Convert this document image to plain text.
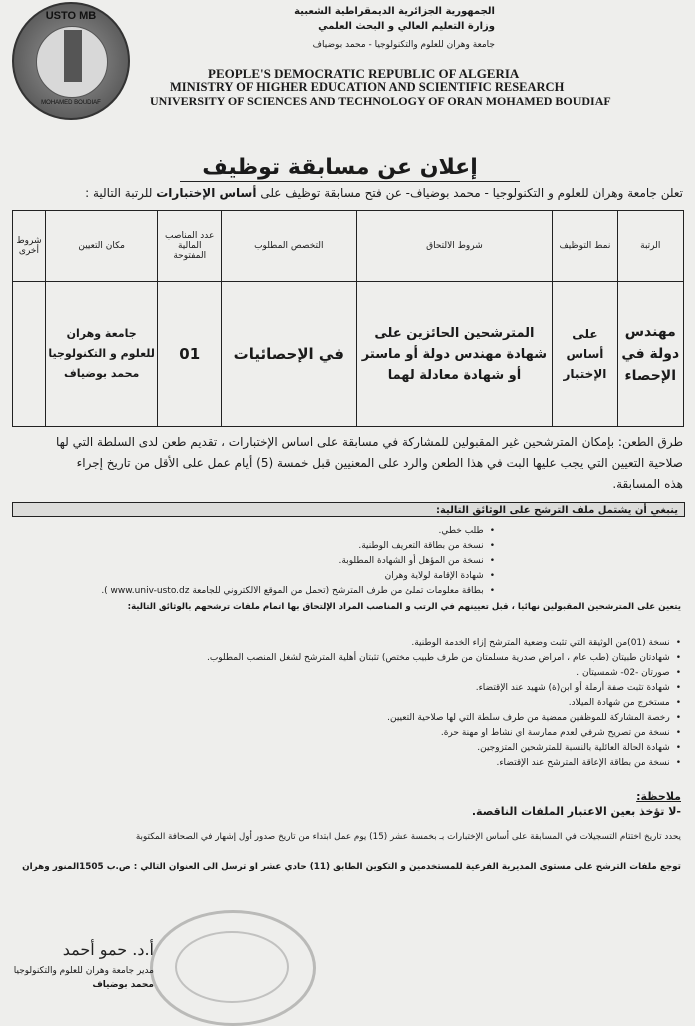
USTO MB
MOHAMED BOUDIAF
الجمهورية الجزائرية الديمقراطية الشعبية
وزارة التعليم العالي و البحث العلمي
جامعة وهران للعلوم والتكنولوجيا - محمد بوضياف
PEOPLE'S DEMOCRATIC REPUBLIC OF ALGERIA
MINISTRY OF HIGHER EDUCATION AND SCIENTIFIC RESEARCH
UNIVERSITY OF SCIENCES AND TECHNOLOGY OF ORAN MOHAMED BOUDIAF
إعلان عن مسابقة توظيف
تعلن جامعة وهران للعلوم و التكنولوجيا - محمد بوضياف- عن فتح مسابقة توظيف على أساس الإختبارات للرتبة التالية :
الرتبة	نمط التوظيف	شروط الالتحاق	التخصص المطلوب	عدد المناصب المالية المفتوحة	مكان التعيين	شروط أخرى
مهندس دولة في الإحصاء	على أساس الإختبار	المترشحين الحائزين على شهادة مهندس دولة أو ماستر أو شهادة معادلة لهما	في الإحصائيات	01	جامعة وهران للعلوم و التكنولوجيا محمد بوضياف	
طرق الطعن: بإمكان المترشحين غير المقبولين للمشاركة في مسابقة على اساس الإختبارات ، تقديم طعن لدى السلطة التي لها
صلاحية التعيين التي يجب عليها البت في هذا الطعن والرد على المعنيين قبل خمسة (5) أيام عمل على الأقل من تاريخ إجراء
هذه المسابقة.
ينبغي أن يشتمل ملف الترشح على الوثائق التالية:
• طلب خطي.
• نسخة من بطاقة التعريف الوطنية.
• نسخة من المؤهل أو الشهادة المطلوبة.
• شهادة الإقامة لولاية وهران
• بطاقة معلومات تملئ من طرف المترشح (تحمل من الموقع الالكتروني للجامعة www.univ-usto.dz ).
يتعين على المترشحين المقبولين نهائيا ، قبل تعيينهم في الرتب و المناصب المراد الإلتحاق بها اتمام ملفات ترشحهم بالوثائق التالية:
• نسخة (01)من الوثيقة التي تثبت وضعية المترشح إزاء الخدمة الوطنية.
• شهادتان طبيتان (طب عام ، امراض صدرية مسلمتان من طرف طبيب مختص) تثبتان أهلية المترشح لشغل المنصب المطلوب.
• صورتان -02- شمسيتان .
• شهادة تثبت صفة أرملة أو ابن(ة) شهيد عند الإقتضاء.
• مستخرج من شهادة الميلاد.
• رخصة المشاركة للموظفين ممضية من طرف سلطة التي لها صلاحية التعيين.
• نسخة من تصريح شرفي لعدم ممارسة اي نشاط او مهنة حرة.
• شهادة الحالة العائلية بالنسبة للمترشحين المتزوجين.
• نسخة من بطاقة الإعاقة المترشح عند الإقتضاء.
ملاحظة:
-لا تؤخذ بعين الاعتبار الملفات الناقصة.
يحدد تاريخ اختتام التسجيلات في المسابقة على أساس الإختبارات بـ بخمسة عشر (15) يوم عمل ابتداء من تاريخ صدور أول إشهار في الصحافة المكتوبة
توجع ملفات الترشح على مستوى المديرية الفرعية للمستخدمين و التكوين الطابق (11) حادي عشر او ترسل الى العنوان التالي : ص.ب 1505المنور وهران
أ.د. حمو أحمد
مدير جامعة وهران للعلوم والتكنولوجيا
محمد بوضياف
